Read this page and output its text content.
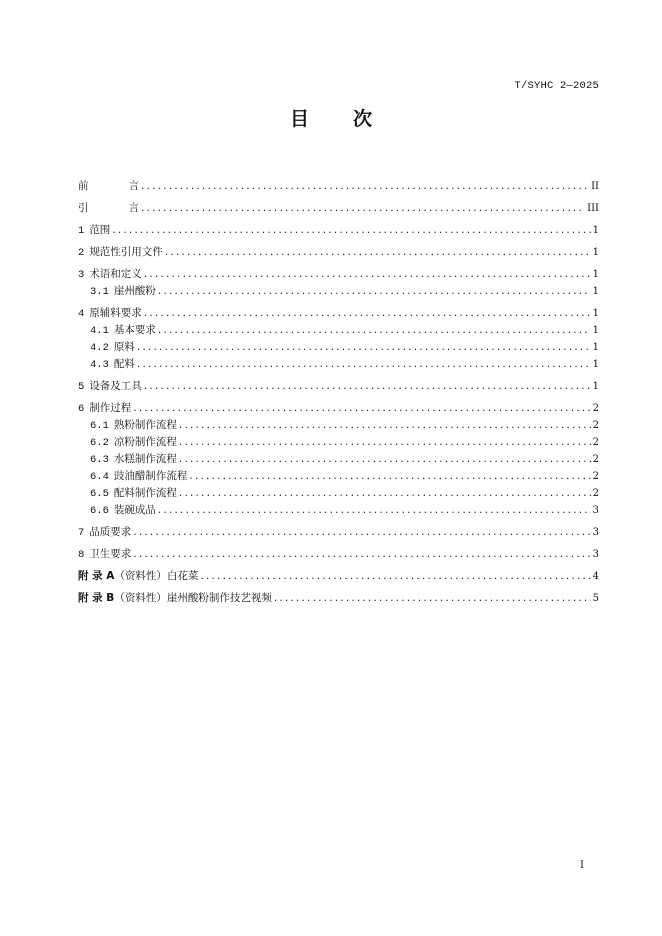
T/SYHC 2—2025
目 次
前	言 .....	II
引	言 .....	III
1 范围 .....	1
2 规范性引用文件 .....	1
3 术语和定义 .....	1
3.1 崖州酸粉 .....	1
4 原辅料要求 .....	1
4.1 基本要求 .....	1
4.2 原料 .....	1
4.3 配料 .....	1
5 设备及工具 .....	1
6 制作过程 .....	2
6.1 熟粉制作流程 .....	2
6.2 凉粉制作流程 .....	2
6.3 水糕制作流程 .....	2
6.4 豉油醋制作流程 .....	2
6.5 配料制作流程 .....	2
6.6 装碗成品 .....	3
7 品质要求 .....	3
8 卫生要求 .....	3
附 录 A （资料性） 白花菜 .....	4
附 录 B （资料性） 崖州酸粉制作技艺视频 .....	5
I
